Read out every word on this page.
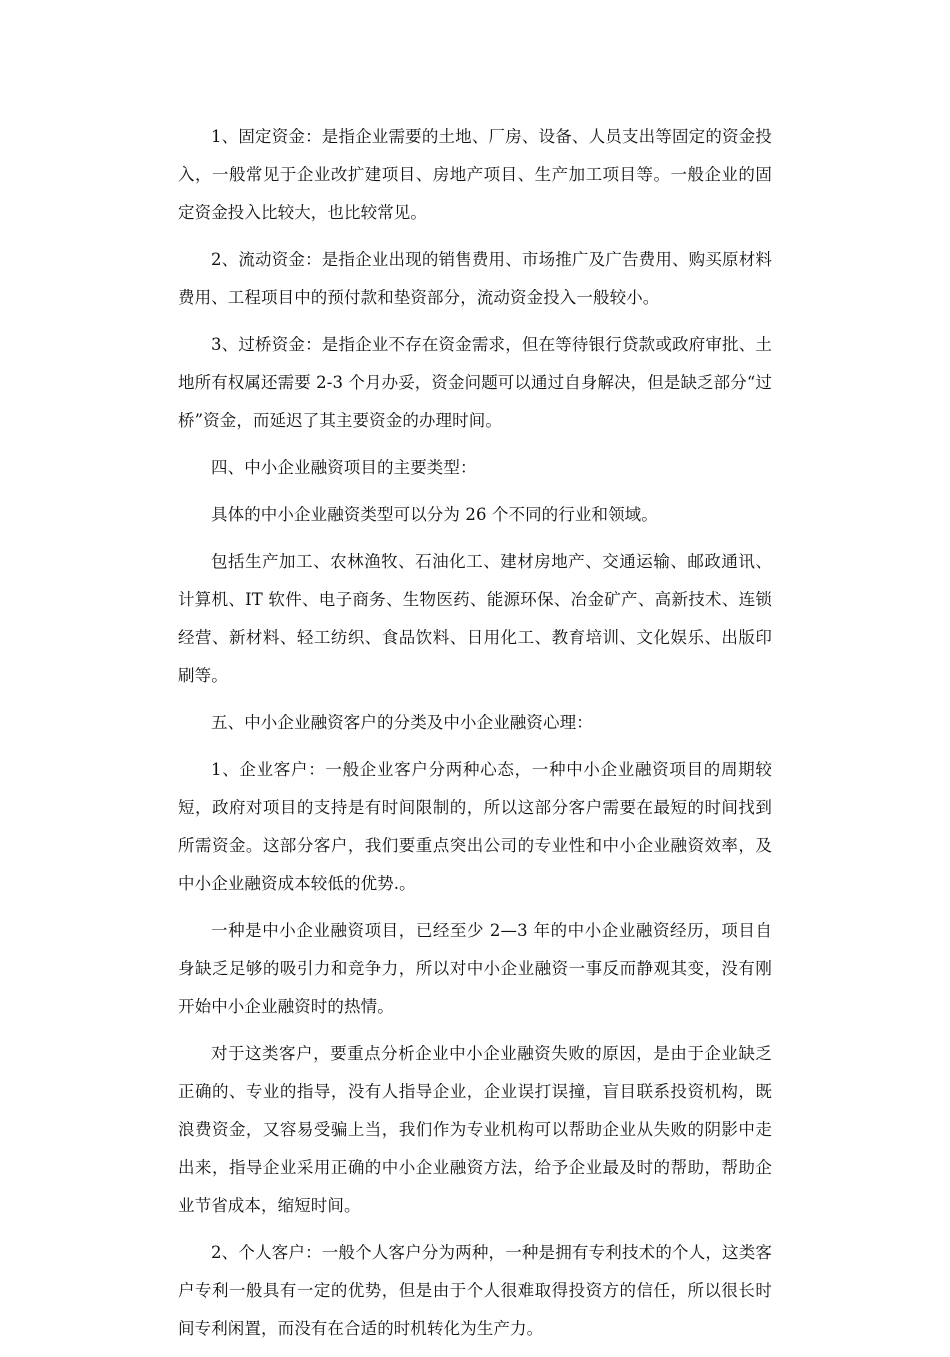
1、固定资金：是指企业需要的土地、厂房、设备、人员支出等固定的资金投入，一般常见于企业改扩建项目、房地产项目、生产加工项目等。一般企业的固定资金投入比较大，也比较常见。

2、流动资金：是指企业出现的销售费用、市场推广及广告费用、购买原材料费用、工程项目中的预付款和垫资部分，流动资金投入一般较小。

3、过桥资金：是指企业不存在资金需求，但在等待银行贷款或政府审批、土地所有权属还需要 2-3 个月办妥，资金问题可以通过自身解决，但是缺乏部分“过桥”资金，而延迟了其主要资金的办理时间。

四、中小企业融资项目的主要类型：

具体的中小企业融资类型可以分为 26 个不同的行业和领域。

包括生产加工、农林渔牧、石油化工、建材房地产、交通运输、邮政通讯、计算机、IT 软件、电子商务、生物医药、能源环保、冶金矿产、高新技术、连锁经营、新材料、轻工纺织、食品饮料、日用化工、教育培训、文化娱乐、出版印刷等。

五、中小企业融资客户的分类及中小企业融资心理：

1、企业客户：一般企业客户分两种心态，一种中小企业融资项目的周期较短，政府对项目的支持是有时间限制的，所以这部分客户需要在最短的时间找到所需资金。这部分客户，我们要重点突出公司的专业性和中小企业融资效率，及中小企业融资成本较低的优势.。

一种是中小企业融资项目，已经至少 2—3 年的中小企业融资经历，项目自身缺乏足够的吸引力和竞争力，所以对中小企业融资一事反而静观其变，没有刚开始中小企业融资时的热情。

对于这类客户，要重点分析企业中小企业融资失败的原因，是由于企业缺乏正确的、专业的指导，没有人指导企业，企业误打误撞，盲目联系投资机构，既浪费资金，又容易受骗上当，我们作为专业机构可以帮助企业从失败的阴影中走出来，指导企业采用正确的中小企业融资方法，给予企业最及时的帮助，帮助企业节省成本，缩短时间。

2、个人客户：一般个人客户分为两种，一种是拥有专利技术的个人，这类客户专利一般具有一定的优势，但是由于个人很难取得投资方的信任，所以很长时间专利闲置，而没有在合适的时机转化为生产力。
